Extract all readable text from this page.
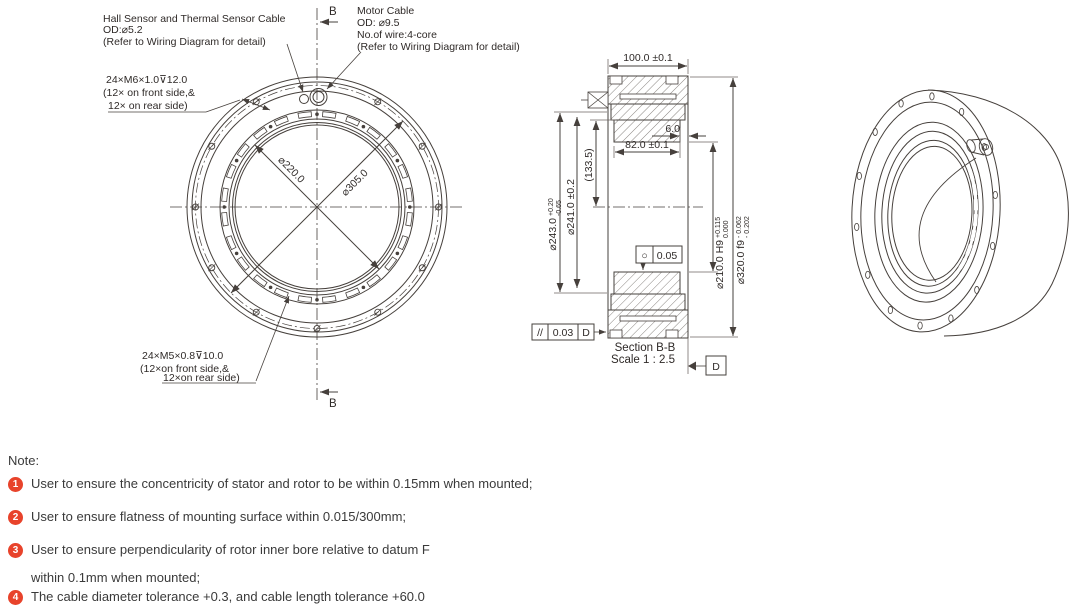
Hall Sensor and Thermal Sensor Cable
OD:⌀5.2
(Refer to Wiring Diagram for detail)
Motor Cable
OD: ⌀9.5
No.of wire:4-core
(Refer to Wiring Diagram for detail)
24×M6×1.0⊽12.0
(12× on front side,&
12× on rear side)
24×M5×0.8⊽10.0
(12×on front side,&
12×on rear side)
B
B
⌀220.0	⌀305.0
100.0 ±0.1
6.0
82.0 ±0.1
⌀243.0
+0.20 -0.65 ⌀241.0 ±0.2
(133.5)
⌀210.0 H9
+0.115 0.000
⌀320.0 f9
- 0.062 - 0.202
○ 0.05
// 0.03 D
D
Section B-B
Scale 1 : 2.5
Note:
1 User to ensure the concentricity of stator and rotor to be within 0.15mm when mounted;
2 User to ensure flatness of mounting surface within 0.015/300mm;
3 User to ensure perpendicularity of rotor inner bore relative to datum F
within 0.1mm when mounted;
4 The cable diameter tolerance +0.3, and cable length tolerance +60.0
